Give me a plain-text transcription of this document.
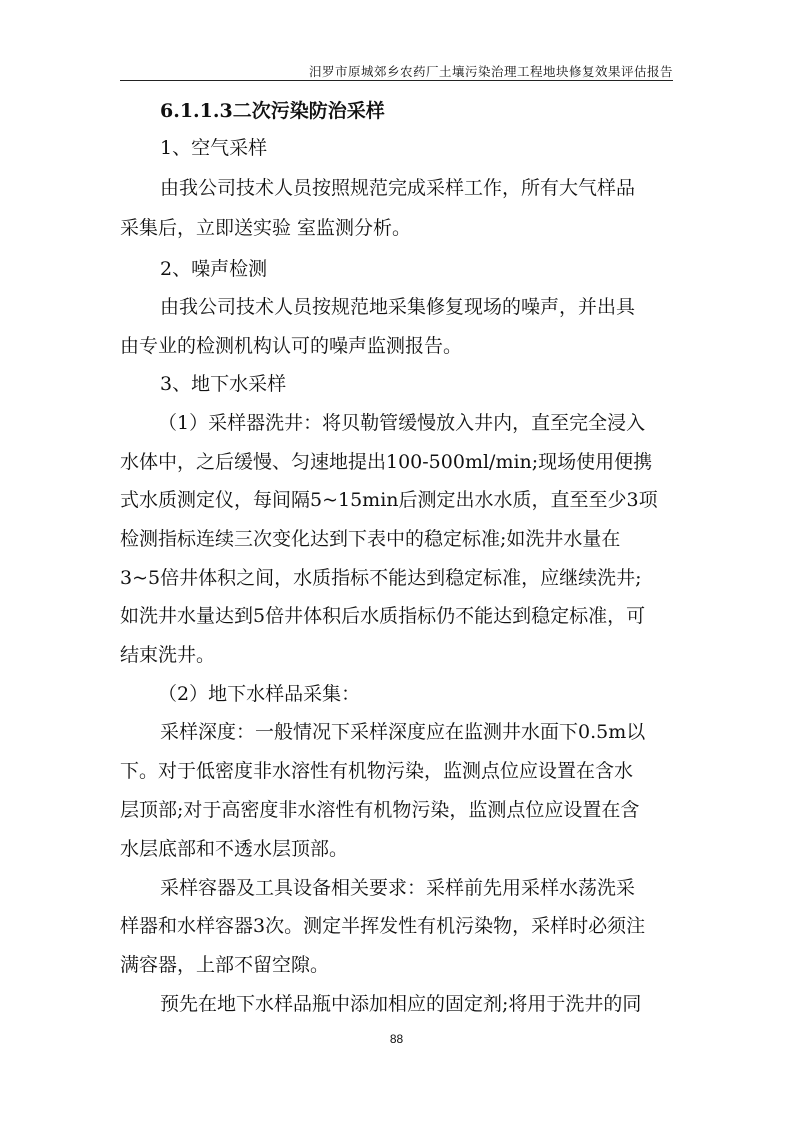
汨罗市原城郊乡农药厂土壤污染治理工程地块修复效果评估报告
6.1.1.3二次污染防治采样
1、空气采样
由我公司技术人员按照规范完成采样工作，所有大气样品
采集后，立即送实验 室监测分析。
2、噪声检测
由我公司技术人员按规范地采集修复现场的噪声，并出具
由专业的检测机构认可的噪声监测报告。
3、地下水采样
（1）采样器洗井：将贝勒管缓慢放入井内，直至完全浸入
水体中，之后缓慢、匀速地提出100-500ml/min;现场使用便携
式水质测定仪，每间隔5~15min后测定出水水质，直至至少3项
检测指标连续三次变化达到下表中的稳定标准;如洗井水量在
3~5倍井体积之间，水质指标不能达到稳定标准，应继续洗井;
如洗井水量达到5倍井体积后水质指标仍不能达到稳定标准，可
结束洗井。
（2）地下水样品采集：
采样深度：一般情况下采样深度应在监测井水面下0.5m以
下。对于低密度非水溶性有机物污染，监测点位应设置在含水
层顶部;对于高密度非水溶性有机物污染，监测点位应设置在含
水层底部和不透水层顶部。
采样容器及工具设备相关要求：采样前先用采样水荡洗采
样器和水样容器3次。测定半挥发性有机污染物，采样时必须注
满容器，上部不留空隙。
预先在地下水样品瓶中添加相应的固定剂;将用于洗井的同
88
